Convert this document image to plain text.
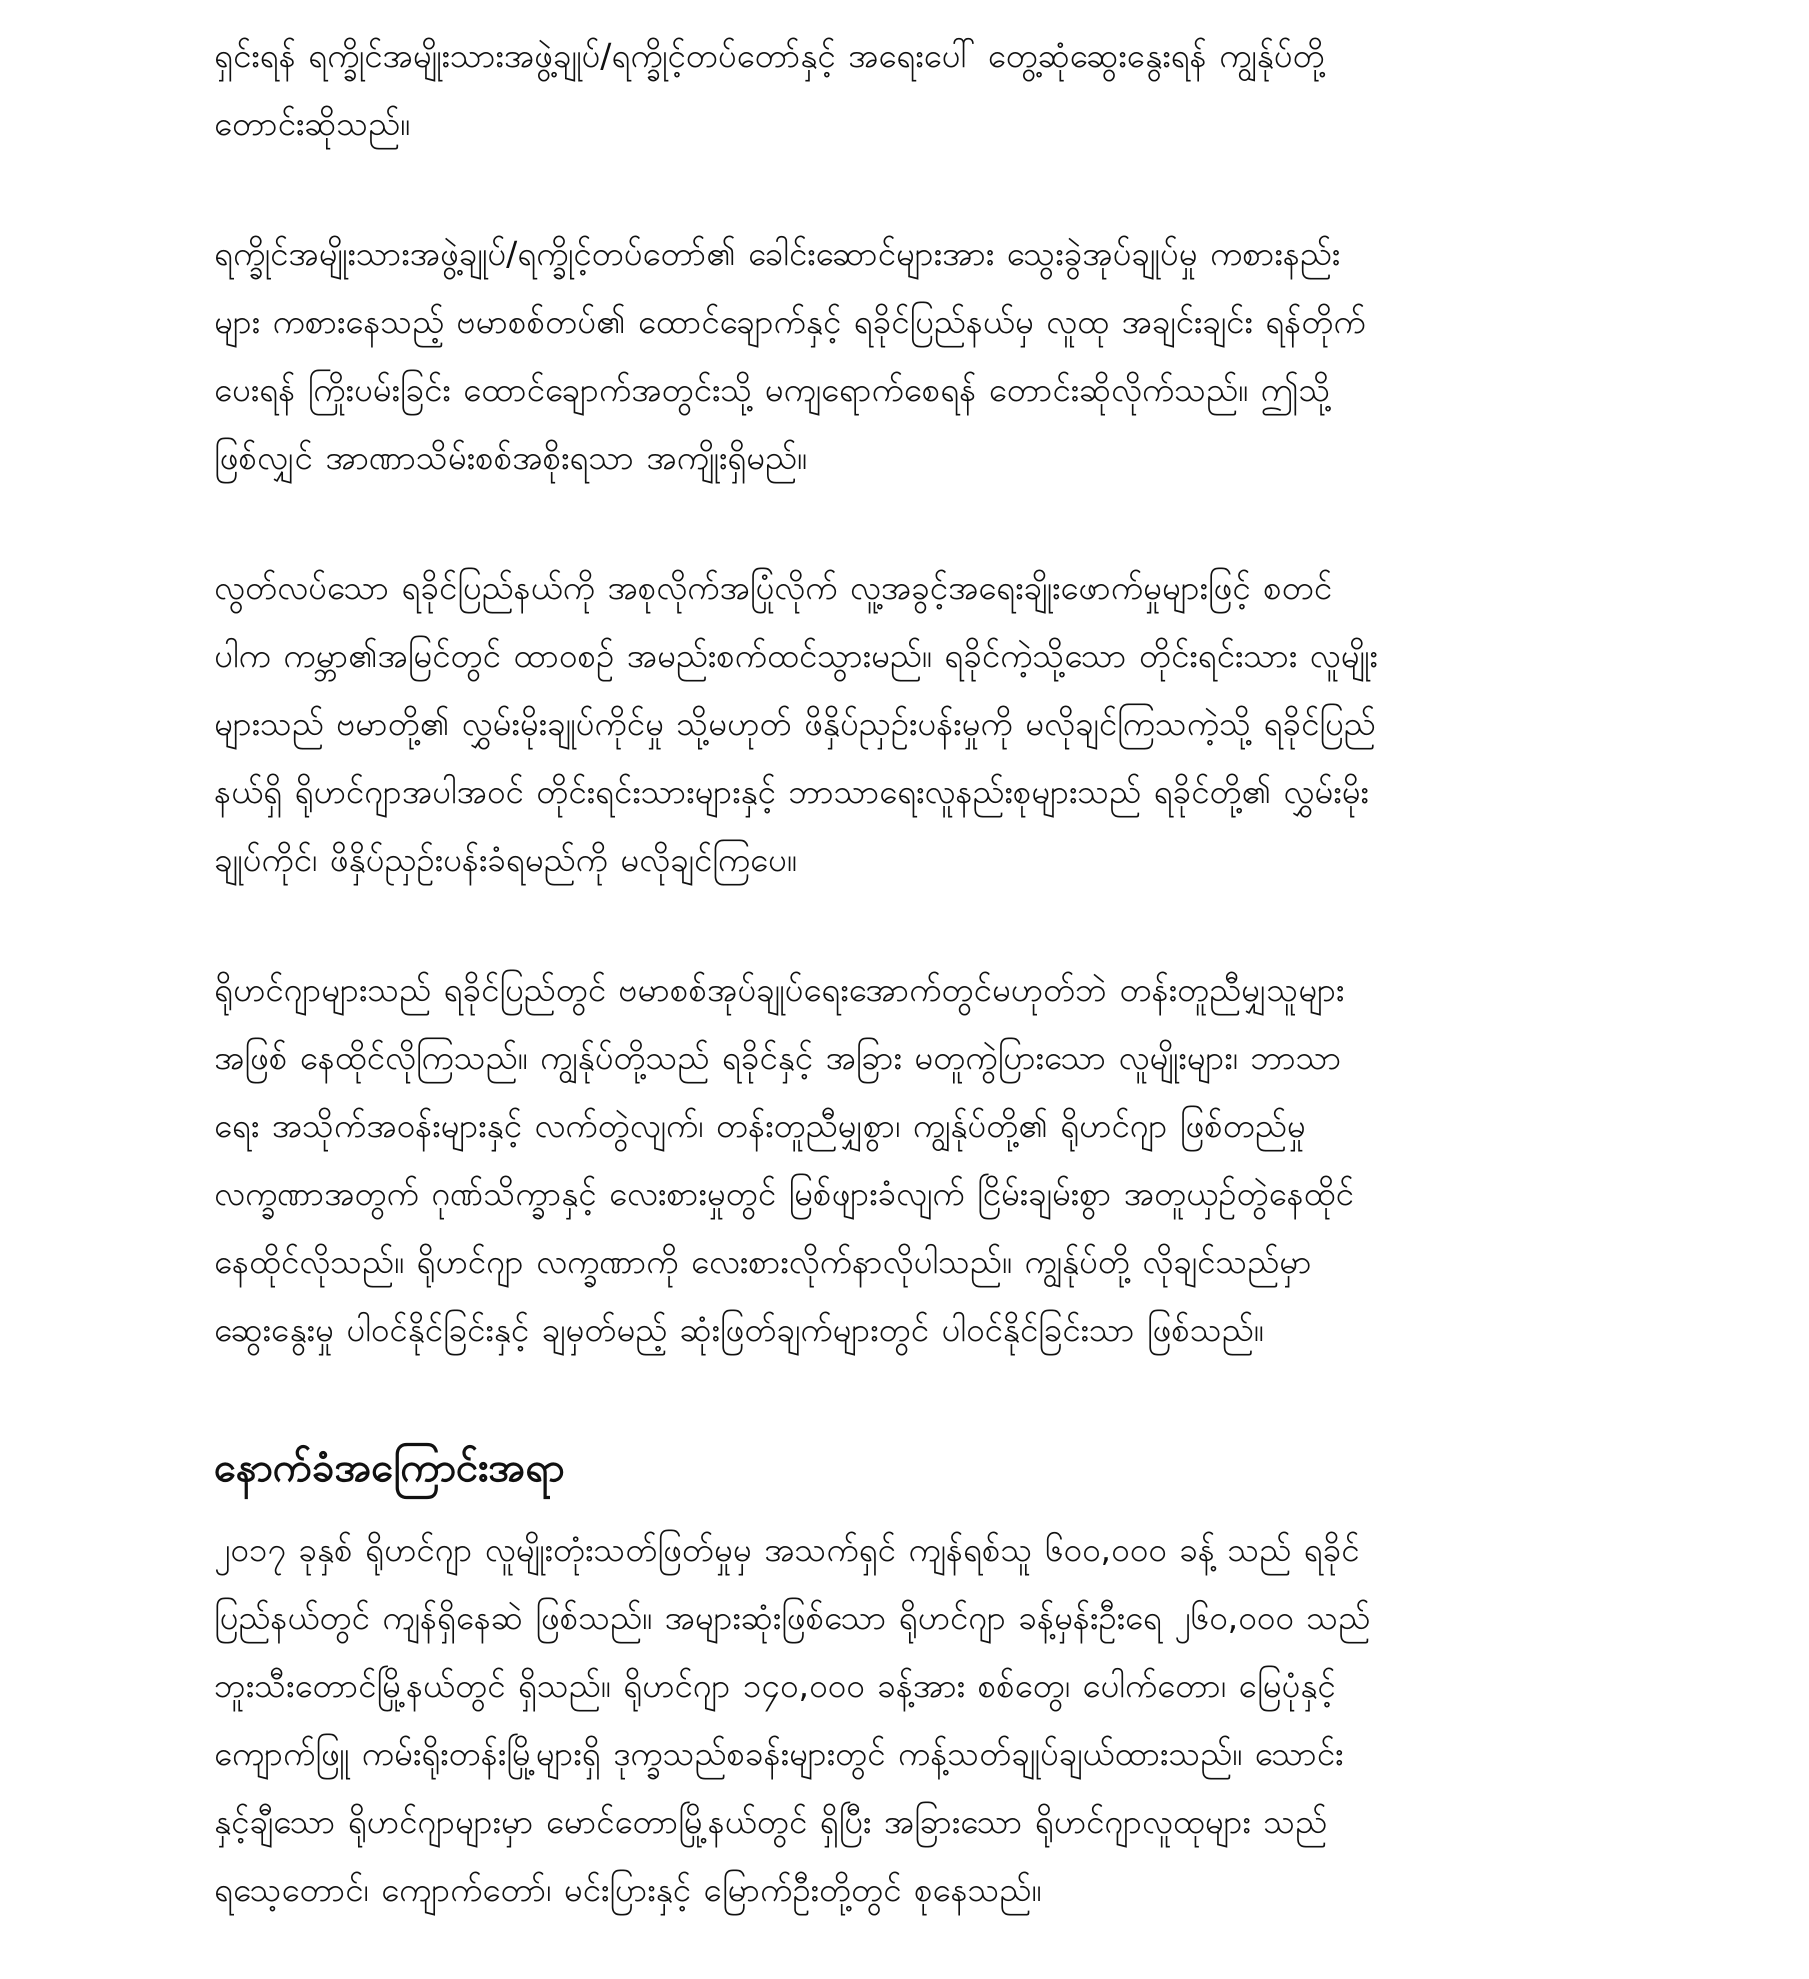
ရှင်းရန် ရက္ခိုင်အမျိုးသားအဖွဲ့ချုပ်/ရက္ခိုင့်တပ်တော်နှင့် အရေးပေါ် တွေ့ဆုံဆွေးနွေးရန် ကျွန်ုပ်တို့
တောင်းဆိုသည်။

ရက္ခိုင်အမျိုးသားအဖွဲ့ချုပ်/ရက္ခိုင့်တပ်တော်၏ ခေါင်းဆောင်များအား သွေးခွဲအုပ်ချုပ်မှု ကစားနည်း
များ ကစားနေသည့် ဗမာစစ်တပ်၏ ထောင်ချောက်နှင့် ရခိုင်ပြည်နယ်မှ လူထု အချင်းချင်း ရန်တိုက်
ပေးရန် ကြိုးပမ်းခြင်း ထောင်ချောက်အတွင်းသို့ မကျရောက်စေရန် တောင်းဆိုလိုက်သည်။ ဤသို့
ဖြစ်လျှင် အာဏာသိမ်းစစ်အစိုးရသာ အကျိုးရှိမည်။

လွတ်လပ်သော ရခိုင်ပြည်နယ်ကို အစုလိုက်အပြုံလိုက် လူ့အခွင့်အရေးချိုးဖောက်မှုများဖြင့် စတင်
ပါက ကမ္ဘာ၏အမြင်တွင် ထာဝစဉ် အမည်းစက်ထင်သွားမည်။ ရခိုင်ကဲ့သို့သော တိုင်းရင်းသား လူမျိုး
များသည် ဗမာတို့၏ လွှမ်းမိုးချုပ်ကိုင်မှု သို့မဟုတ် ဖိနှိပ်ညှဉ်းပန်းမှုကို မလိုချင်ကြသကဲ့သို့ ရခိုင်ပြည်
နယ်ရှိ ရိုဟင်ဂျာအပါအဝင် တိုင်းရင်းသားများနှင့် ဘာသာရေးလူနည်းစုများသည် ရခိုင်တို့၏ လွှမ်းမိုး
ချုပ်ကိုင်၊ ဖိနှိပ်ညှဉ်းပန်းခံရမည်ကို မလိုချင်ကြပေ။

ရိုဟင်ဂျာများသည် ရခိုင်ပြည်တွင် ဗမာစစ်အုပ်ချုပ်ရေးအောက်တွင်မဟုတ်ဘဲ တန်းတူညီမျှသူများ
အဖြစ် နေထိုင်လိုကြသည်။ ကျွန်ုပ်တို့သည် ရခိုင်နှင့် အခြား မတူကွဲပြားသော လူမျိုးများ၊ ဘာသာ
ရေး အသိုက်အဝန်းများနှင့် လက်တွဲလျက်၊ တန်းတူညီမျှစွာ၊ ကျွန်ုပ်တို့၏ ရိုဟင်ဂျာ ဖြစ်တည်မှု
လက္ခဏာအတွက် ဂုဏ်သိက္ခာနှင့် လေးစားမှုတွင် မြစ်ဖျားခံလျက် ငြိမ်းချမ်းစွာ အတူယှဉ်တွဲနေထိုင်
နေထိုင်လိုသည်။ ရိုဟင်ဂျာ လက္ခဏာကို လေးစားလိုက်နာလိုပါသည်။ ကျွန်ုပ်တို့ လိုချင်သည်မှာ
ဆွေးနွေးမှု ပါဝင်နိုင်ခြင်းနှင့် ချမှတ်မည့် ဆုံးဖြတ်ချက်များတွင် ပါဝင်နိုင်ခြင်းသာ ဖြစ်သည်။

နောက်ခံအကြောင်းအရာ

၂၀၁၇ ခုနှစ် ရိုဟင်ဂျာ လူမျိုးတုံးသတ်ဖြတ်မှုမှ အသက်ရှင် ကျန်ရစ်သူ ၆၀၀,၀၀၀ ခန့် သည် ရခိုင်
ပြည်နယ်တွင် ကျန်ရှိနေဆဲ ဖြစ်သည်။ အများဆုံးဖြစ်သော ရိုဟင်ဂျာ ခန့်မှန်းဦးရေ ၂၆၀,၀၀၀ သည်
ဘူးသီးတောင်မြို့နယ်တွင် ရှိသည်။ ရိုဟင်ဂျာ ၁၄၀,၀၀၀ ခန့်အား စစ်တွေ၊ ပေါက်တော၊ မြေပုံနှင့်
ကျောက်ဖြူ ကမ်းရိုးတန်းမြို့များရှိ ဒုက္ခသည်စခန်းများတွင် ကန့်သတ်ချုပ်ချယ်ထားသည်။ သောင်း
နှင့်ချီသော ရိုဟင်ဂျာများမှာ မောင်တောမြို့နယ်တွင် ရှိပြီး အခြားသော ရိုဟင်ဂျာလူထုများ သည်
ရသေ့တောင်၊ ကျောက်တော်၊ မင်းပြားနှင့် မြောက်ဦးတို့တွင် စုနေသည်။
